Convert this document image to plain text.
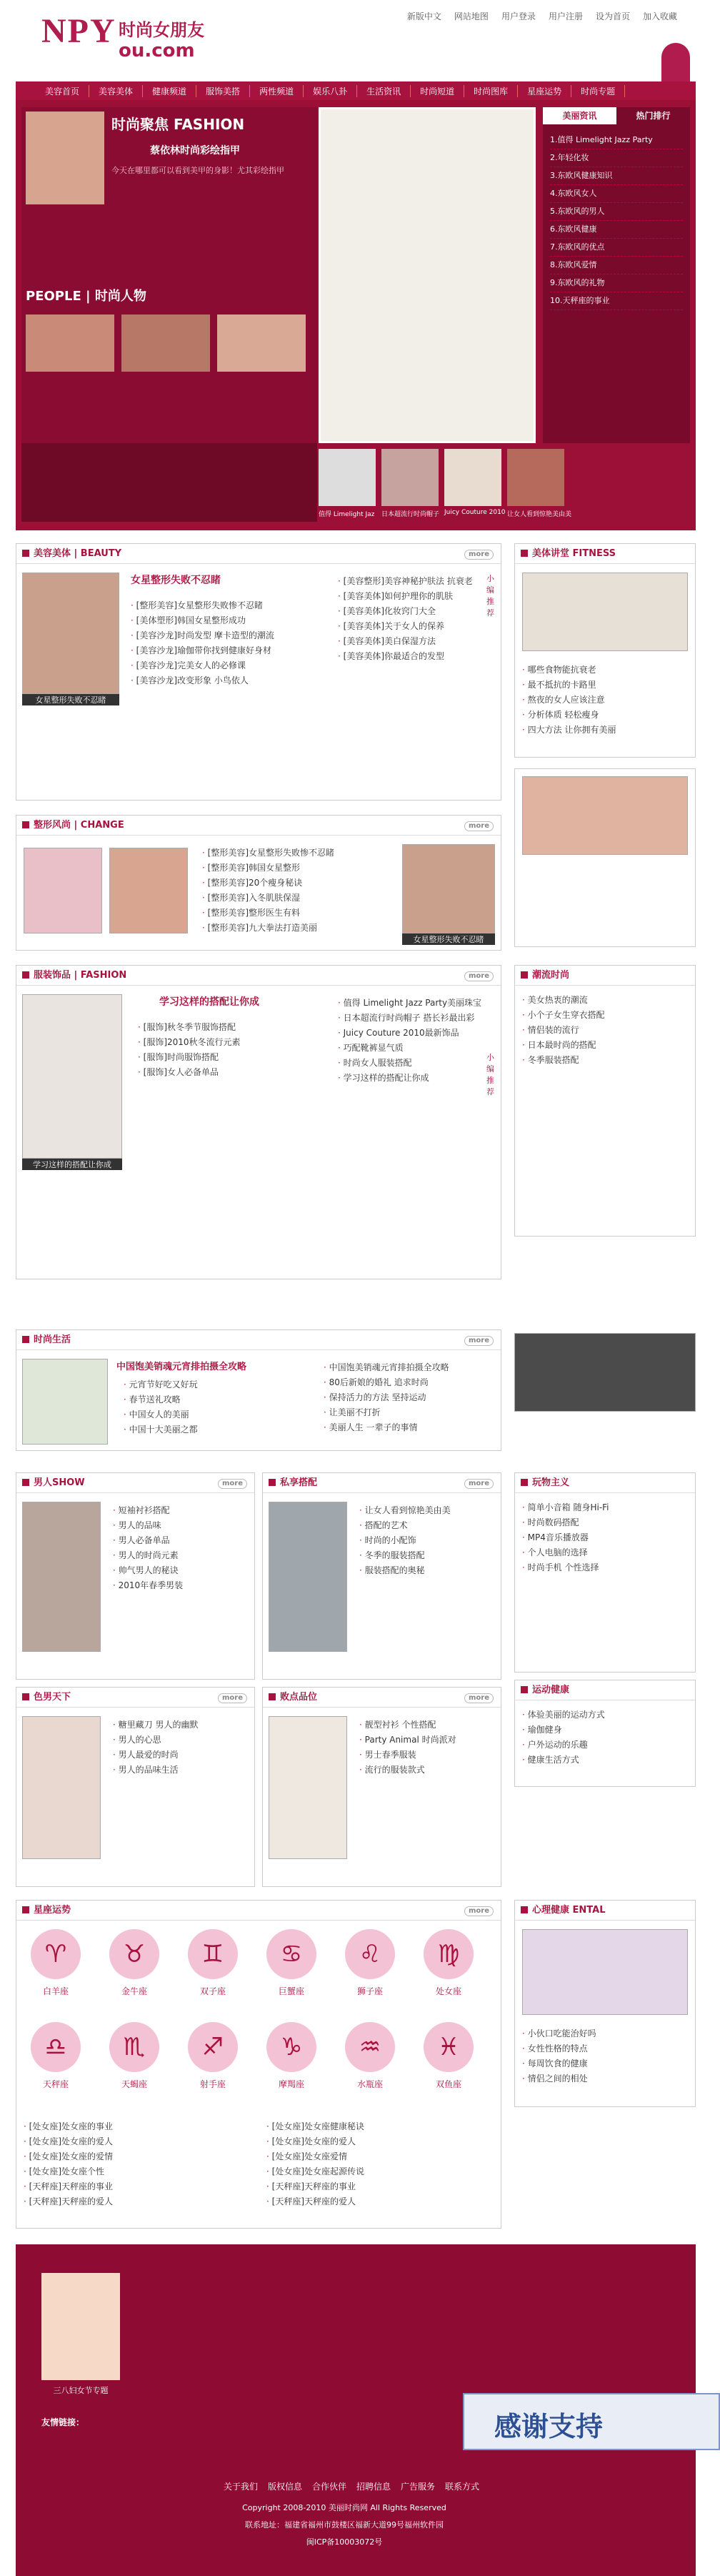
新版中文 网站地图 用户登录 用户注册 设为首页 加入收藏
NPY 时尚女朋友
ou.com
美容首页	美容美体	健康频道	服饰美搭	两性频道	娱乐八卦	生活资讯	时尚短道	时尚图库	星座运势	时尚专题
时尚聚焦 FASHION
蔡依林时尚彩绘指甲
今天在哪里都可以看到美甲的身影！尤其彩绘指甲
PEOPLE | 时尚人物
美丽资讯	热门排行
1.值得 Limelight Jazz Party
2.年轻化妆
3.东欧风健康知识
4.东欧风女人
5.东欧风的男人
6.东欧风健康
7.东欧风的优点
8.东欧风爱情
9.东欧风的礼物
10.天秤座的事业
值得 Limelight Jaz 日本超流行时尚帽子 Juicy Couture 2010 让女人看到惊艳美由美
美容美体 | BEAUTY	more
女星整形失败不忍睹
女星整形失败不忍睹
· [整形美容]女星整形失败惨不忍睹
· [美体塑形]韩国女星整形成功
· [美容沙龙]时尚发型 摩卡造型的潮流
· [美容沙龙]瑜伽带你找到健康好身材
· [美容沙龙]完美女人的必修课
· [美容沙龙]改变形象 小鸟依人
· [美容整形]美容神秘护肤法 抗衰老
· [美容美体]如何护理你的肌肤
· [美容美体]化妆窍门大全
· [美容美体]关于女人的保养
· [美容美体]美白保湿方法
· [美容美体]你最适合的发型
小编推荐
美体讲堂 FITNESS
· 哪些食物能抗衰老
· 最不抵抗的卡路里
· 熬夜的女人应该注意
· 分析体质 轻松瘦身
· 四大方法 让你拥有美丽
整形风尚 | CHANGE	more
· [整形美容]女星整形失败惨不忍睹
· [整形美容]韩国女星整形
· [整形美容]20个瘦身秘诀
· [整形美容]入冬肌肤保湿
· [整形美容]整形医生有料
· [整形美容]九大拳法打造美丽
女星整形失败不忍睹
服装饰品 | FASHION	more
学习这样的搭配让你成
学习这样的搭配让你成
· [服饰]秋冬季节服饰搭配
· [服饰]2010秋冬流行元素
· [服饰]时尚服饰搭配
· [服饰]女人必备单品
· 值得 Limelight Jazz Party美丽珠宝
· 日本超流行时尚帽子 搭长衫最出彩
· Juicy Couture 2010最新饰品
· 巧配靴裤显气质
· 时尚女人服装搭配
· 学习这样的搭配让你成
小编推荐
潮流时尚
· 美女热衷的潮流
· 小个子女生穿衣搭配
· 情侣装的流行
· 日本最时尚的搭配
· 冬季服装搭配
时尚生活	more
中国饱美销魂元宵排拍摄全攻略
· 元宵节好吃又好玩
· 春节送礼攻略
· 中国女人的美丽
· 中国十大美丽之都
· 中国饱美销魂元宵排拍摄全攻略
· 80后新娘的婚礼 追求时尚
· 保持活力的方法 坚持运动
· 让美丽不打折
· 美丽人生 一辈子的事情
男人SHOW	more
· 短袖衬衫搭配
· 男人的品味
· 男人必备单品
· 男人的时尚元素
· 帅气男人的秘诀
· 2010年春季男装
私享搭配	more
· 让女人看到惊艳美由美
· 搭配的艺术
· 时尚的小配饰
· 冬季的服装搭配
· 服装搭配的奥秘
玩物主义
· 简单小音箱 随身Hi-Fi
· 时尚数码搭配
· MP4音乐播放器
· 个人电脑的选择
· 时尚手机 个性选择
色男天下	more
· 糖里藏刀 男人的幽默
· 男人的心思
· 男人最爱的时尚
· 男人的品味生活
败点品位	more
· 靓型衬衫 个性搭配
· Party Animal 时尚派对
· 男士春季服装
· 流行的服装款式
运动健康
· 体验美丽的运动方式
· 瑜伽健身
· 户外运动的乐趣
· 健康生活方式
星座运势	more
♈
白羊座
♉
金牛座
♊
双子座
♋
巨蟹座
♌
狮子座
♍
处女座
♎
天秤座
♏
天蝎座
♐
射手座
♑
摩羯座
♒
水瓶座
♓
双鱼座
· [处女座]处女座的事业
· [处女座]处女座的爱人
· [处女座]处女座的爱情
· [处女座]处女座个性
· [天秤座]天秤座的事业
· [天秤座]天秤座的爱人
· [处女座]处女座健康秘诀
· [处女座]处女座的爱人
· [处女座]处女座爱情
· [处女座]处女座起源传说
· [天秤座]天秤座的事业
· [天秤座]天秤座的爱人
心理健康 ENTAL
· 小伙口吃能治好吗
· 女性性格的特点
· 每周饮食的健康
· 情侣之间的相处
三八妇女节专题
友情链接：
关于我们 版权信息 合作伙伴 招聘信息 广告服务 联系方式
Copyright 2008-2010 美丽时尚网 All Rights Reserved
联系地址：福建省福州市鼓楼区福新大道99号福州软件园
闽ICP备10003072号
感谢支持
